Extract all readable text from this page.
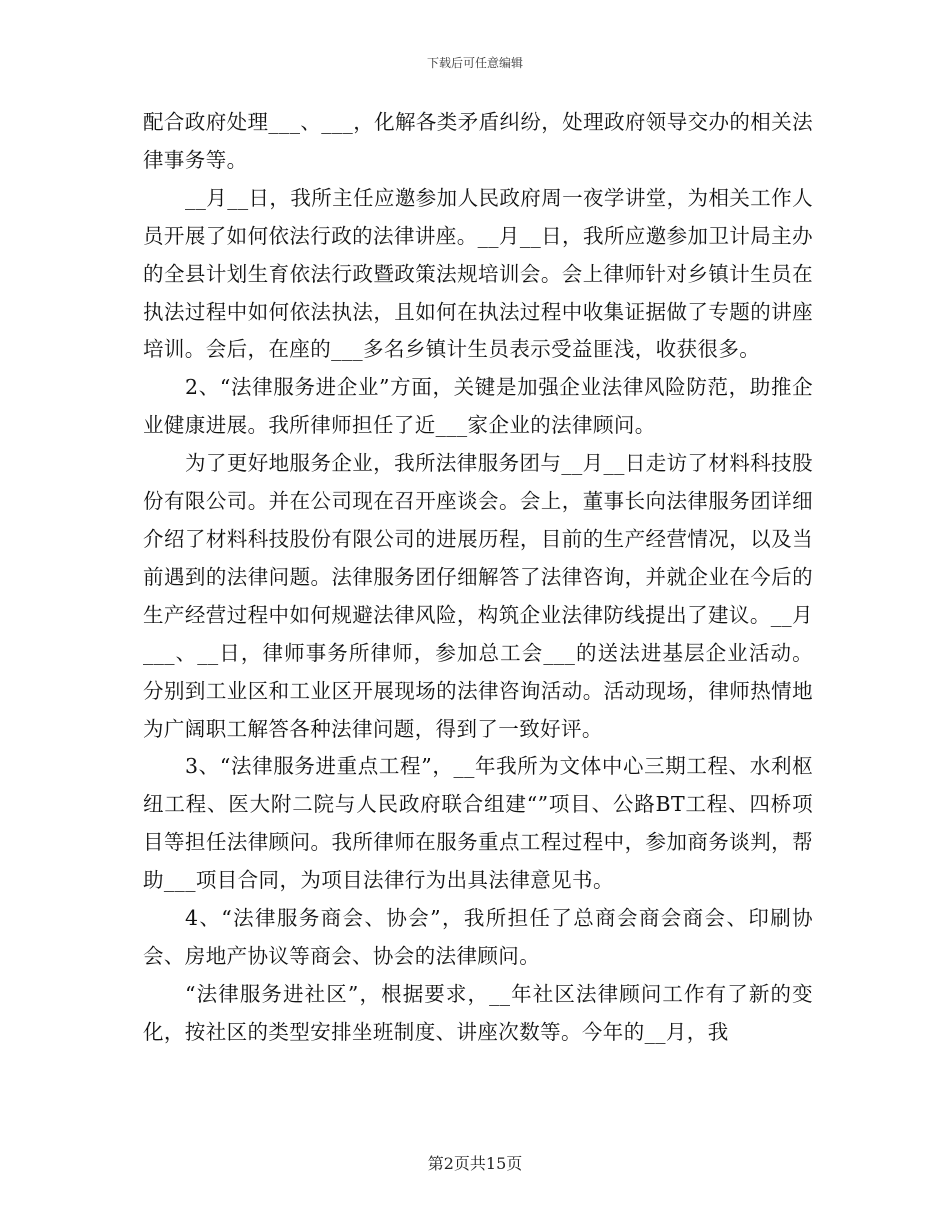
下载后可任意编辑

配合政府处理___、___，化解各类矛盾纠纷，处理政府领导交办的相关法律事务等。

__月__日，我所主任应邀参加人民政府周一夜学讲堂，为相关工作人员开展了如何依法行政的法律讲座。__月__日，我所应邀参加卫计局主办的全县计划生育依法行政暨政策法规培训会。会上律师针对乡镇计生员在执法过程中如何依法执法，且如何在执法过程中收集证据做了专题的讲座培训。会后，在座的___多名乡镇计生员表示受益匪浅，收获很多。

2、“法律服务进企业”方面，关键是加强企业法律风险防范，助推企业健康进展。我所律师担任了近___家企业的法律顾问。

为了更好地服务企业，我所法律服务团与__月__日走访了材料科技股份有限公司。并在公司现在召开座谈会。会上，董事长向法律服务团详细介绍了材料科技股份有限公司的进展历程，目前的生产经营情况，以及当前遇到的法律问题。法律服务团仔细解答了法律咨询，并就企业在今后的生产经营过程中如何规避法律风险，构筑企业法律防线提出了建议。__月___、__日，律师事务所律师，参加总工会___的送法进基层企业活动。分别到工业区和工业区开展现场的法律咨询活动。活动现场，律师热情地为广阔职工解答各种法律问题，得到了一致好评。

3、“法律服务进重点工程”，__年我所为文体中心三期工程、水利枢纽工程、医大附二院与人民政府联合组建“”项目、公路BT工程、四桥项目等担任法律顾问。我所律师在服务重点工程过程中，参加商务谈判，帮助___项目合同，为项目法律行为出具法律意见书。

4、“法律服务商会、协会”，我所担任了总商会商会商会、印刷协会、房地产协议等商会、协会的法律顾问。

“法律服务进社区”，根据要求，__年社区法律顾问工作有了新的变化，按社区的类型安排坐班制度、讲座次数等。今年的__月，我

第2页共15页
